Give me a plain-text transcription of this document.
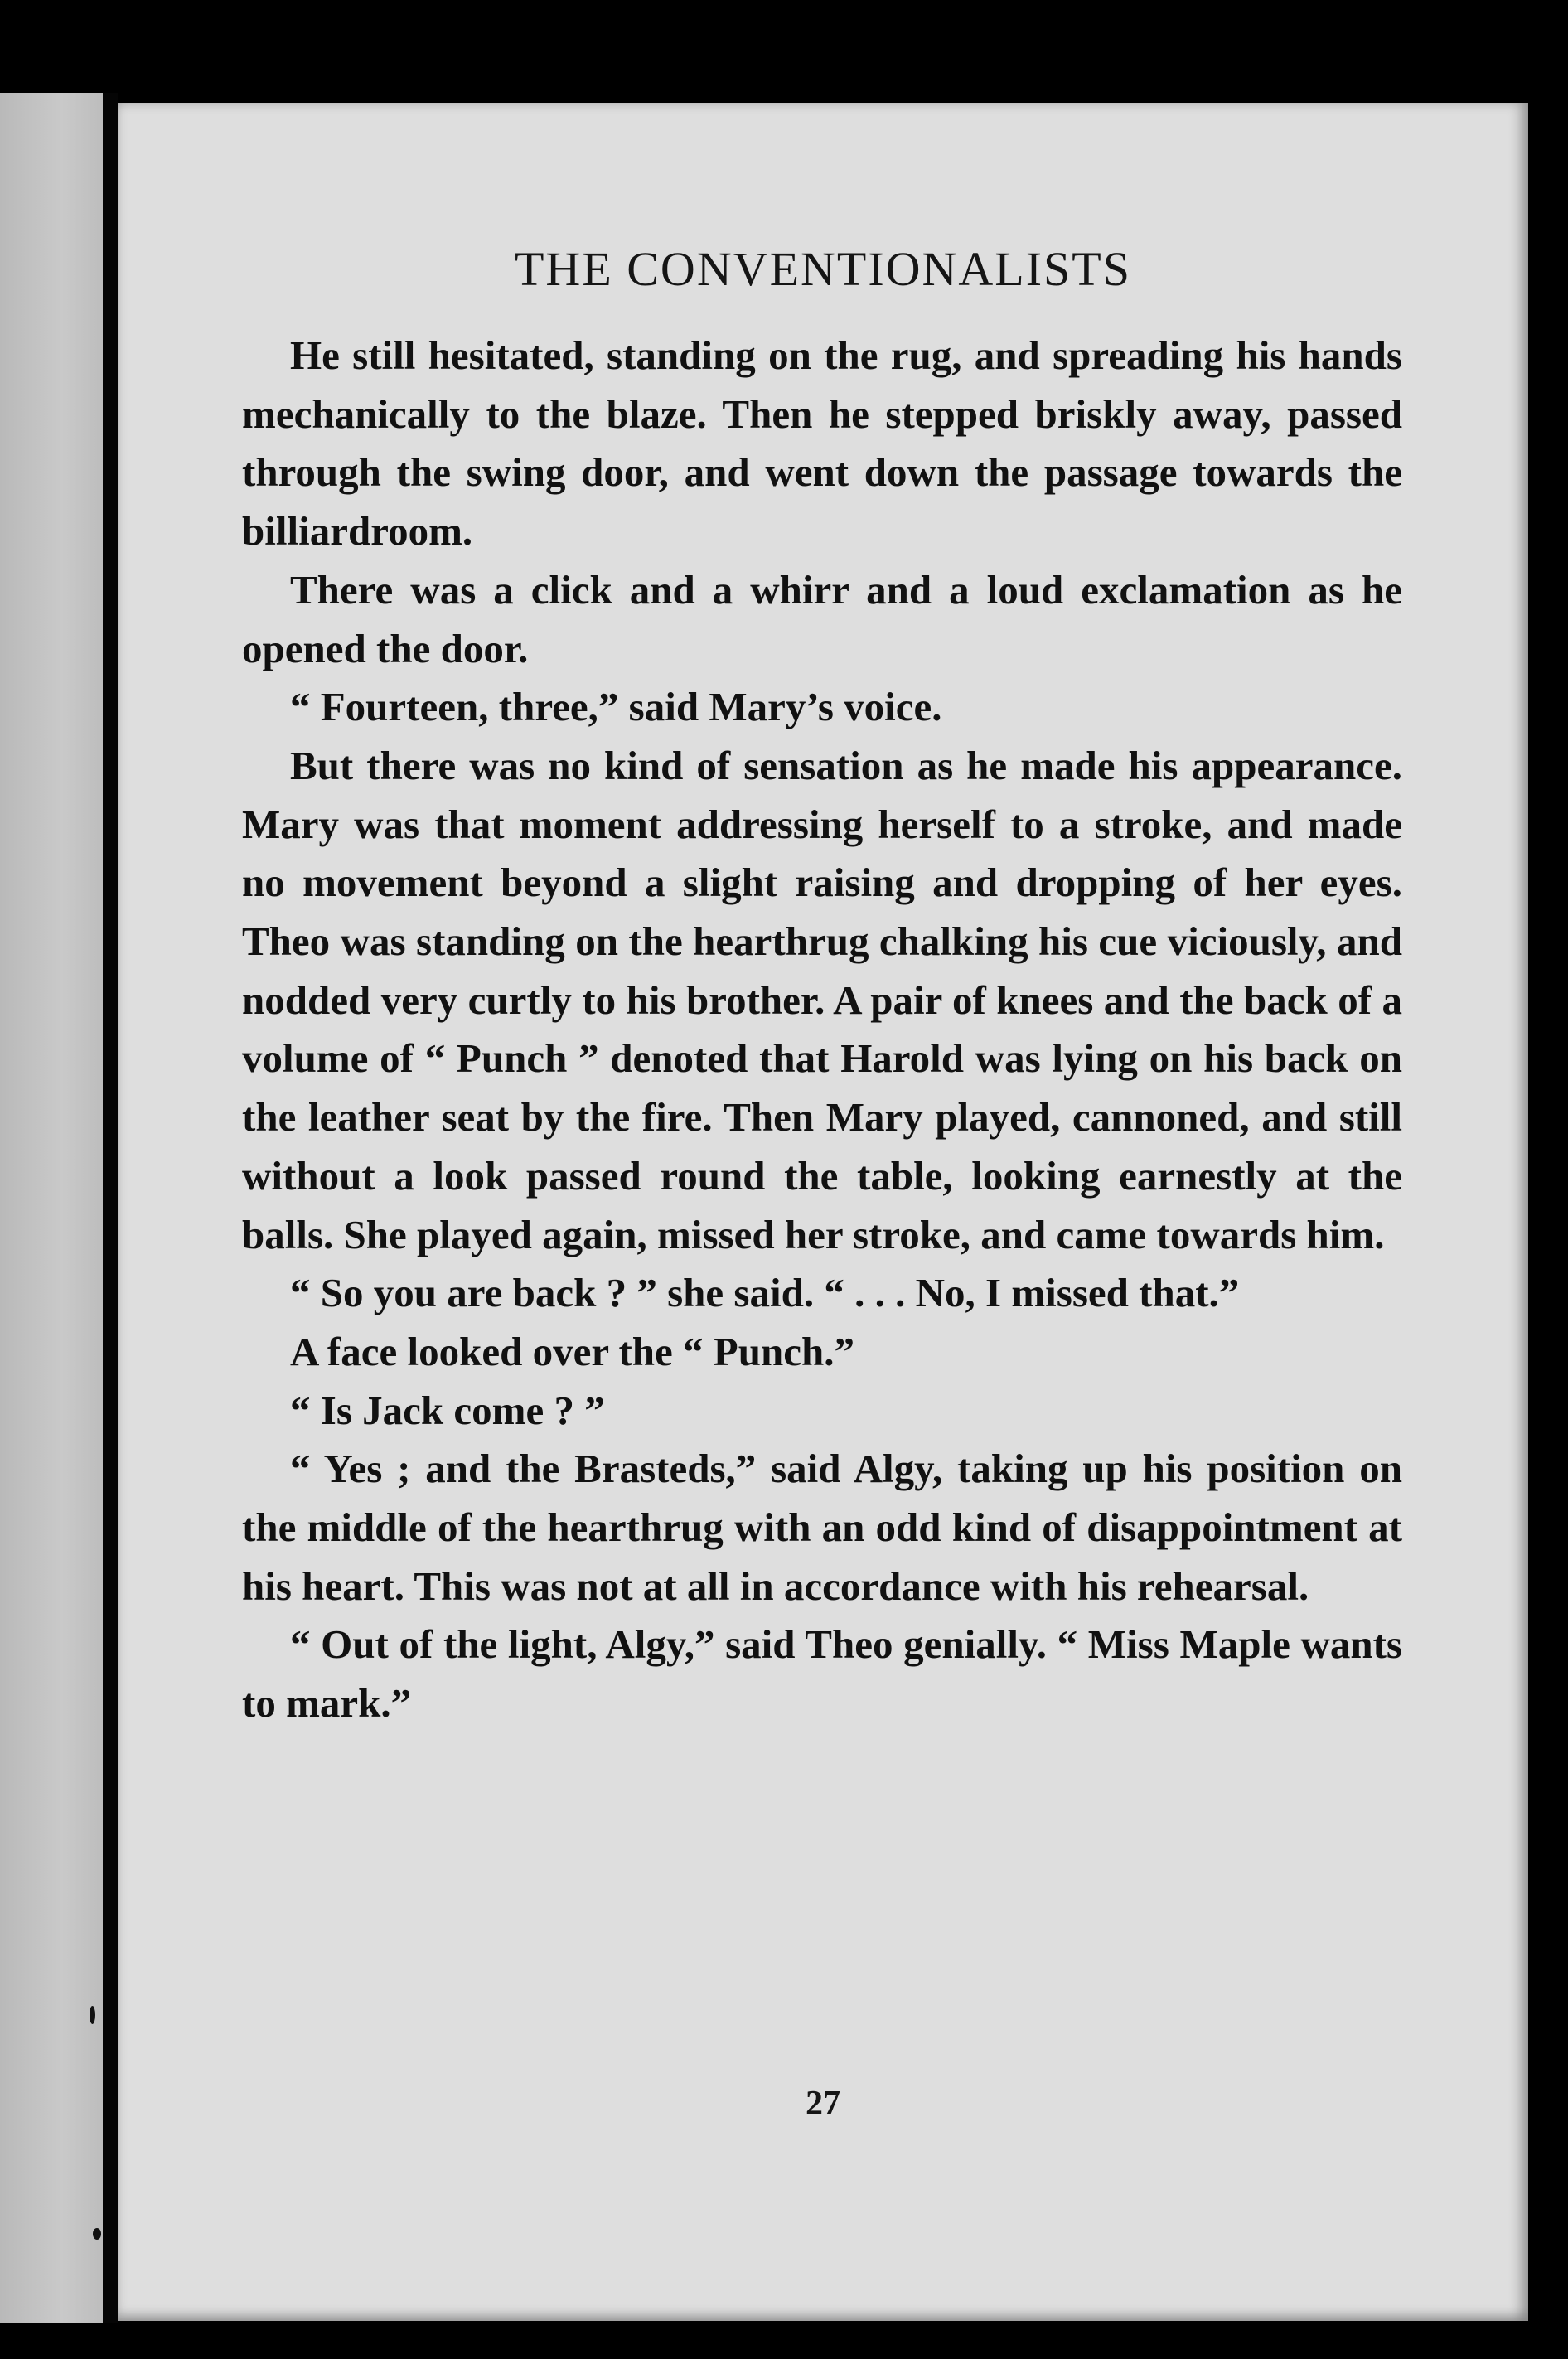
THE CONVENTIONALISTS

He still hesitated, standing on the rug, and spreading his hands mechanically to the blaze. Then he stepped briskly away, passed through the swing door, and went down the passage towards the billiardroom.

There was a click and a whirr and a loud exclamation as he opened the door.

“ Fourteen, three,” said Mary’s voice.

But there was no kind of sensation as he made his appearance. Mary was that moment addressing herself to a stroke, and made no movement beyond a slight raising and dropping of her eyes. Theo was standing on the hearthrug chalking his cue viciously, and nodded very curtly to his brother. A pair of knees and the back of a volume of “ Punch ” denoted that Harold was lying on his back on the leather seat by the fire. Then Mary played, cannoned, and still without a look passed round the table, looking earnestly at the balls. She played again, missed her stroke, and came towards him.

“ So you are back ? ” she said. “ . . . No, I missed that.”

A face looked over the “ Punch.”

“ Is Jack come ? ”

“ Yes ; and the Brasteds,” said Algy, taking up his position on the middle of the hearthrug with an odd kind of disappointment at his heart. This was not at all in accordance with his rehearsal.

“ Out of the light, Algy,” said Theo genially. “ Miss Maple wants to mark.”

27
